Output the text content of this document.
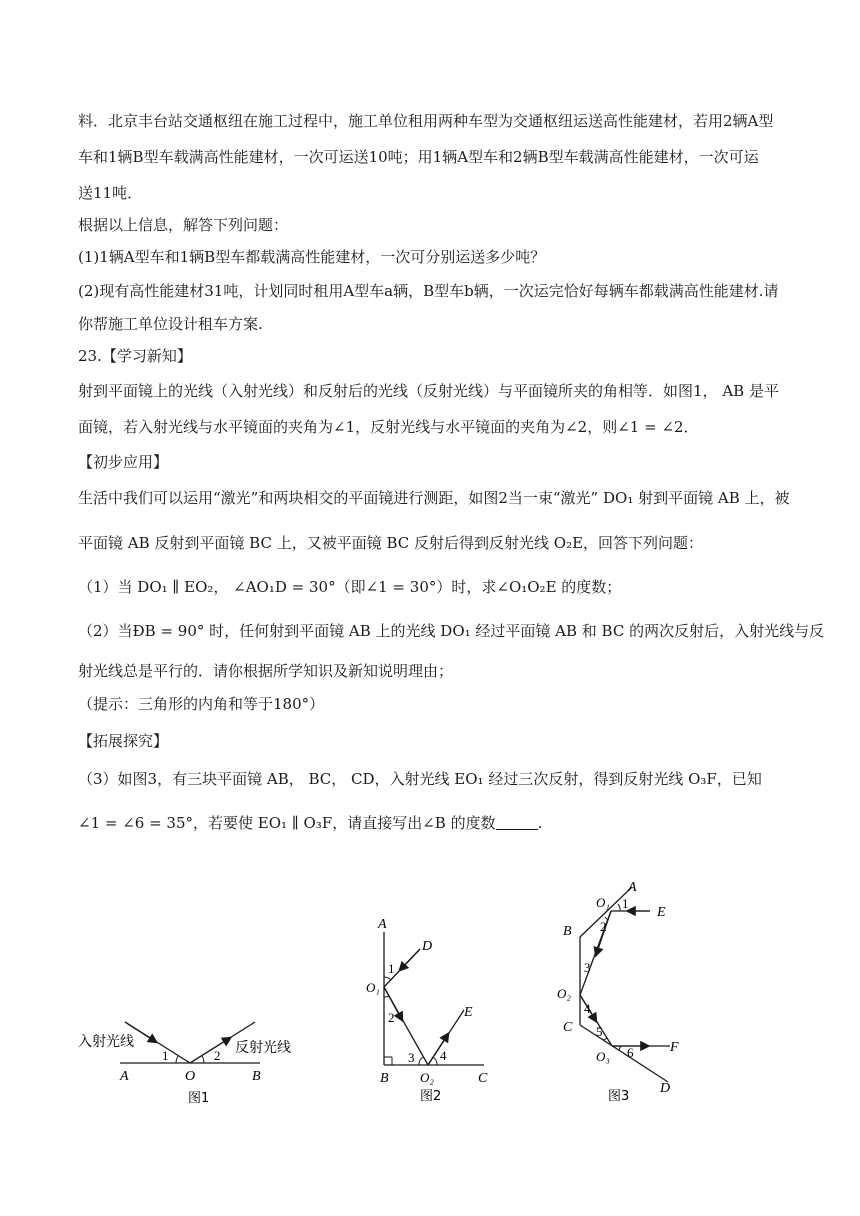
料．北京丰台站交通枢纽在施工过程中，施工单位租用两种车型为交通枢纽运送高性能建材，若用2辆A型
车和1辆B型车载满高性能建材，一次可运送10吨；用1辆A型车和2辆B型车载满高性能建材，一次可运
送11吨．
根据以上信息，解答下列问题：
(1)1辆A型车和1辆B型车都载满高性能建材，一次可分别运送多少吨？
(2)现有高性能建材31吨，计划同时租用A型车a辆，B型车b辆，一次运完恰好每辆车都载满高性能建材.请
你帮施工单位设计租车方案.
23.【学习新知】
射到平面镜上的光线（入射光线）和反射后的光线（反射光线）与平面镜所夹的角相等．如图1， AB 是平
面镜，若入射光线与水平镜面的夹角为∠1，反射光线与水平镜面的夹角为∠2，则∠1 = ∠2．
【初步应用】
生活中我们可以运用“激光”和两块相交的平面镜进行测距，如图2当一束“激光” DO₁ 射到平面镜 AB 上，被
平面镜 AB 反射到平面镜 BC 上，又被平面镜 BC 反射后得到反射光线 O₂E，回答下列问题：
（1）当 DO₁ ∥ EO₂， ∠AO₁D = 30°（即∠1 = 30°）时，求∠O₁O₂E 的度数；
（2）当ÐB = 90° 时，任何射到平面镜 AB 上的光线 DO₁ 经过平面镜 AB 和 BC 的两次反射后，入射光线与反
射光线总是平行的．请你根据所学知识及新知说明理由；
（提示：三角形的内角和等于180°）
【拓展探究】
（3）如图3，有三块平面镜 AB， BC， CD，入射光线 EO₁ 经过三次反射，得到反射光线 O₃F，已知
∠1 = ∠6 = 35°，若要使 EO₁ ∥ O₃F，请直接写出∠B 的度数	.
入射光线	反射光线
1	2
A	O	B
图1
A
D
1
O₁
2	E
3 4
B O₂	C
图2
A
O₁ 1
E
2
B
3
O₂
4
C 5
O₃ 6	F
D
图3
